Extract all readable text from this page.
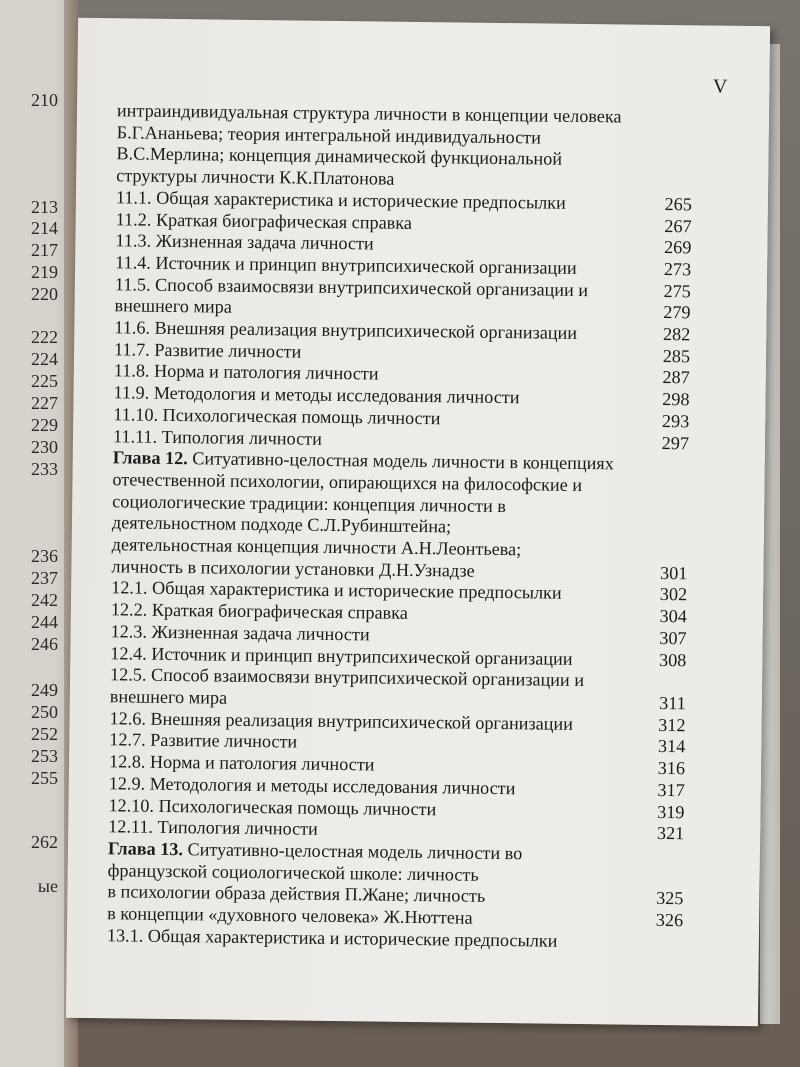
210
213
214
217
219
220
222
224
225
227
229
230
233
236
237
242
244
246
249
250
252
253
255
262
ые
V
интраиндивидуальная структура личности в концепции человека
Б.Г.Ананьева; теория интегральной индивидуальности
В.С.Мерлина; концепция динамической функциональной
структуры личности К.К.Платонова
11.1. Общая характеристика и исторические предпосылки	265
11.2. Краткая биографическая справка	267
11.3. Жизненная задача личности	269
11.4. Источник и принцип внутрипсихической организации	273
11.5. Способ взаимосвязи внутрипсихической организации и	275
внешнего мира	279
11.6. Внешняя реализация внутрипсихической организации	282
11.7. Развитие личности	285
11.8. Норма и патология личности	287
11.9. Методология и методы исследования личности	298
11.10. Психологическая помощь личности	293
11.11. Типология личности	297
Глава 12. Ситуативно-целостная модель личности в концепциях
отечественной психологии, опирающихся на философские и
социологические традиции: концепция личности в
деятельностном подходе С.Л.Рубинштейна;
деятельностная концепция личности А.Н.Леонтьева;
личность в психологии установки Д.Н.Узнадзе	301
12.1. Общая характеристика и исторические предпосылки	302
12.2. Краткая биографическая справка	304
12.3. Жизненная задача личности	307
12.4. Источник и принцип внутрипсихической организации	308
12.5. Способ взаимосвязи внутрипсихической организации и
внешнего мира	311
12.6. Внешняя реализация внутрипсихической организации	312
12.7. Развитие личности	314
12.8. Норма и патология личности	316
12.9. Методология и методы исследования личности	317
12.10. Психологическая помощь личности	319
12.11. Типология личности	321
Глава 13. Ситуативно-целостная модель личности во
французской социологической школе: личность
в психологии образа действия П.Жане; личность	325
в концепции «духовного человека» Ж.Нюттена	326
13.1. Общая характеристика и исторические предпосылки
